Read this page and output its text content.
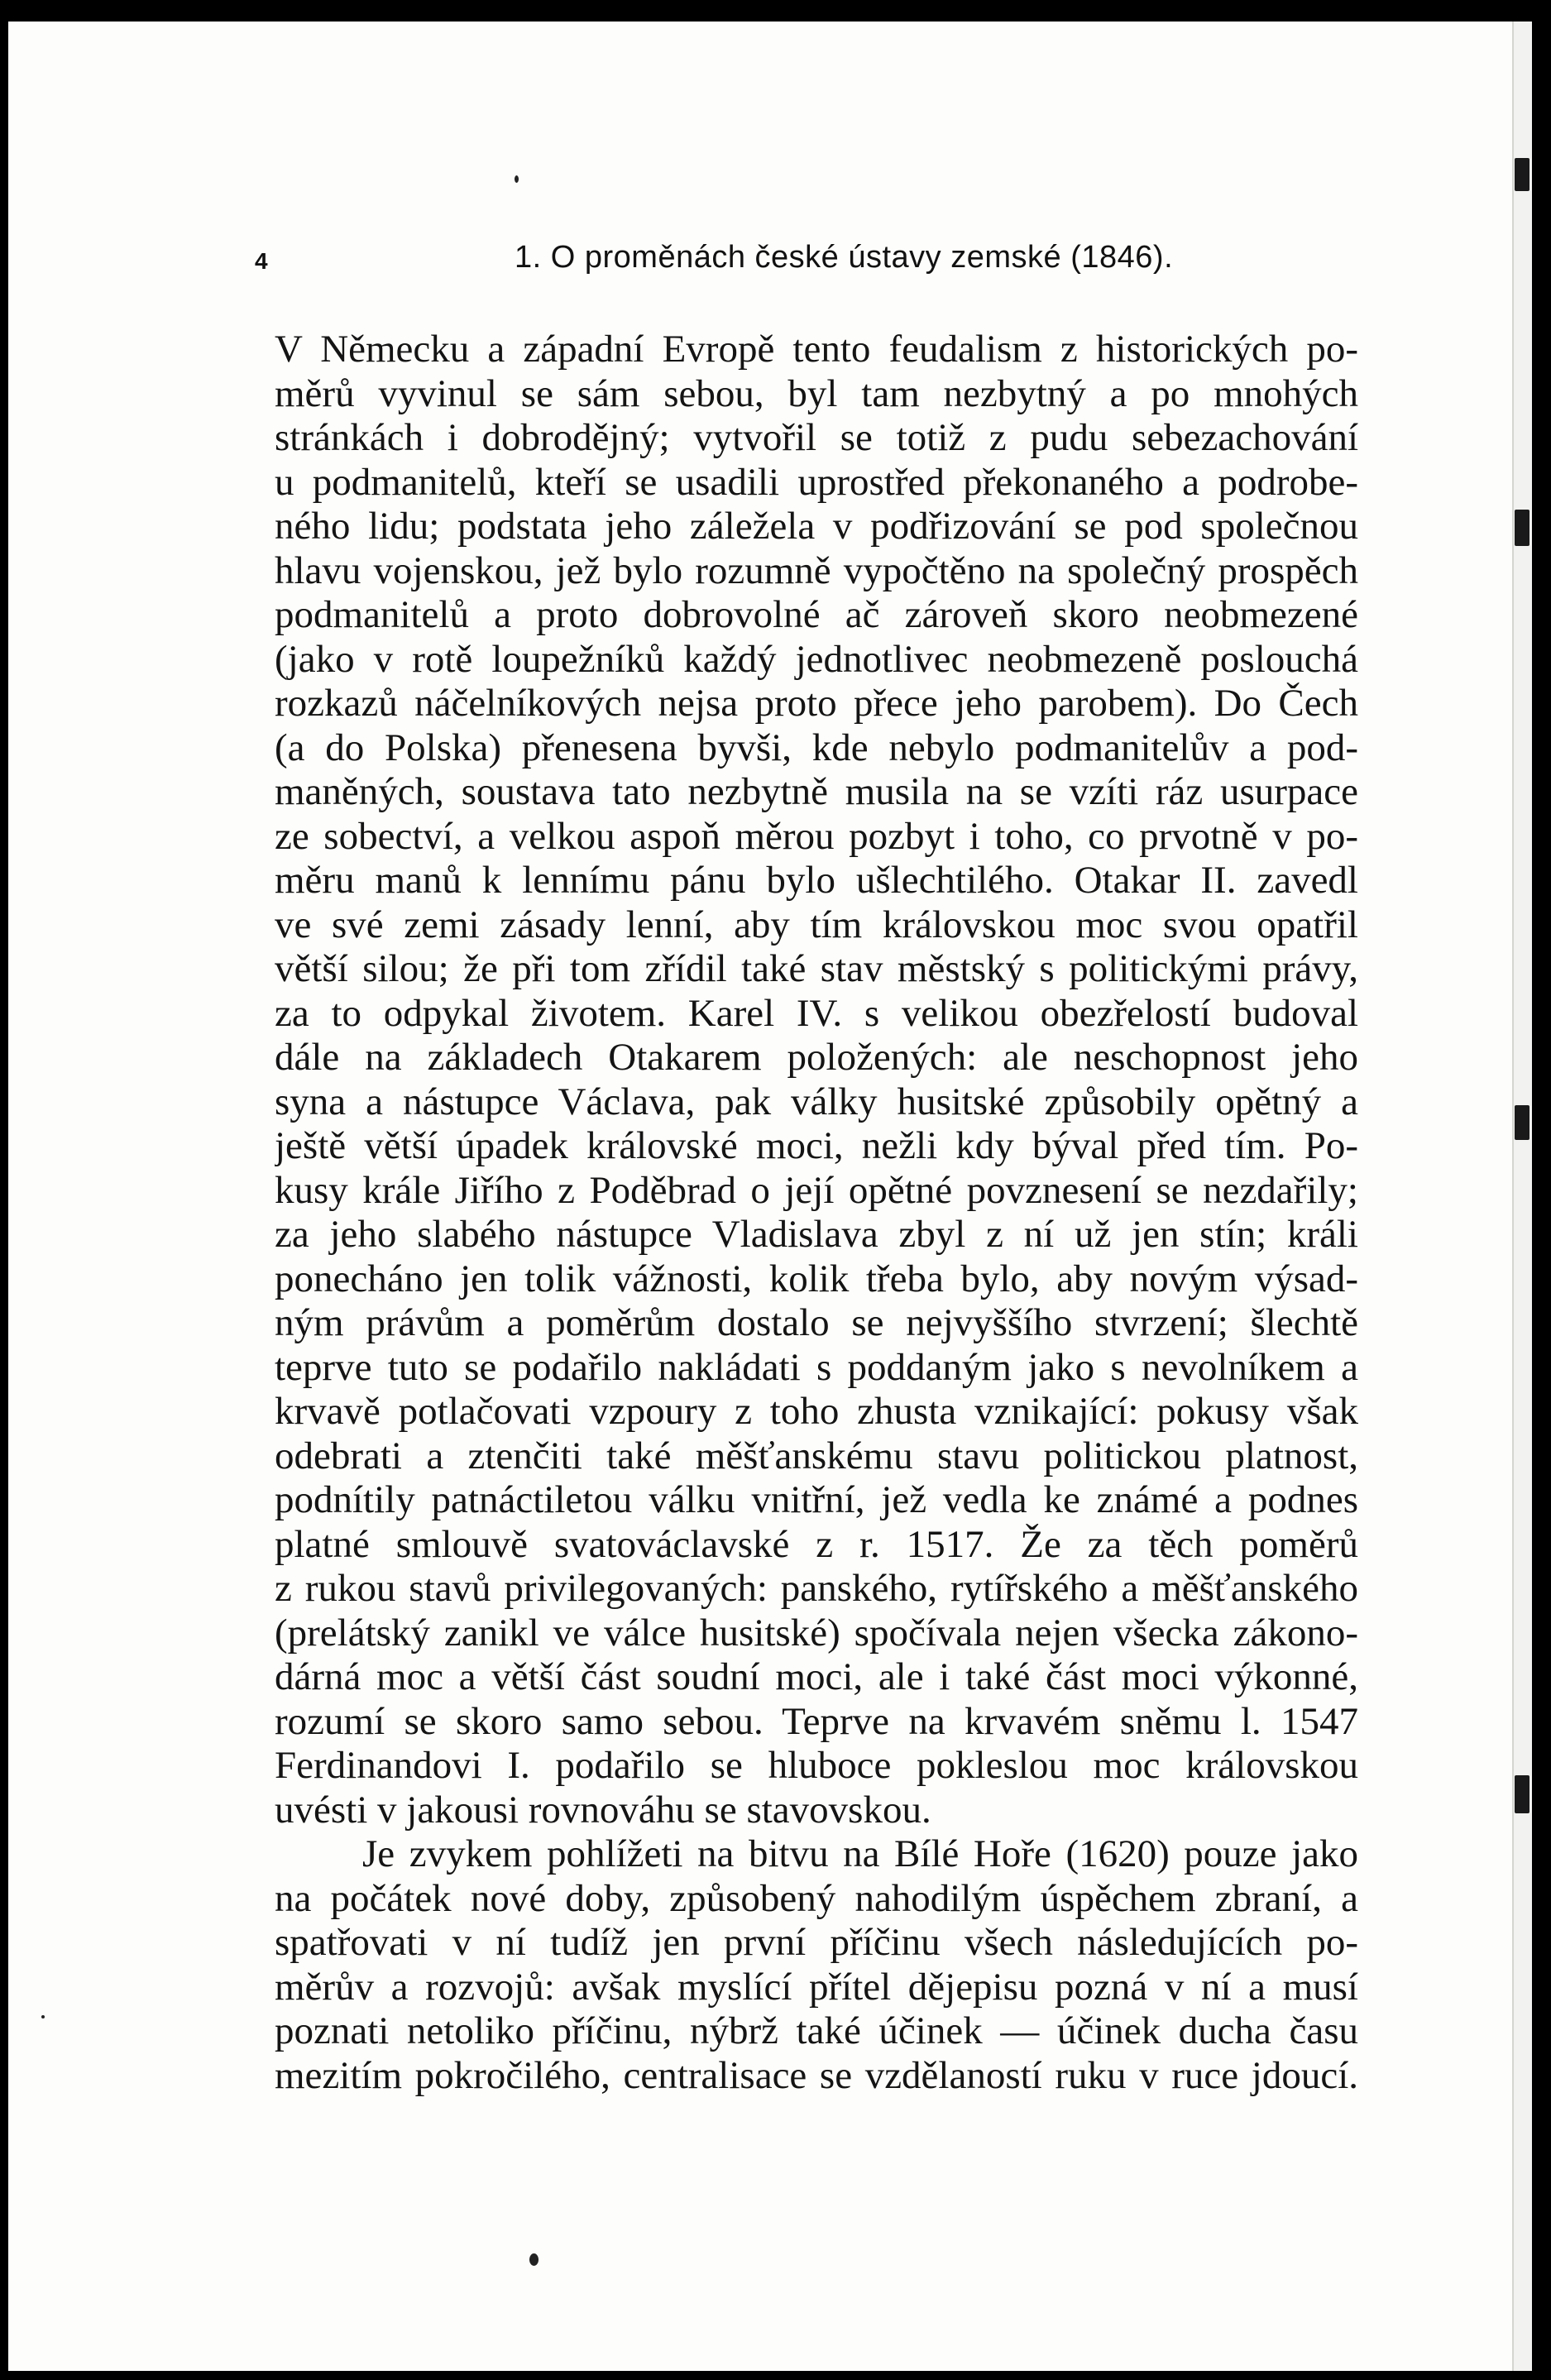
4	1. O proměnách české ústavy zemské (1846).
V Německu a západní Evropě tento feudalism z historických po-
měrů vyvinul se sám sebou, byl tam nezbytný a po mnohých
stránkách i dobrodějný; vytvořil se totiž z pudu sebezachování
u podmanitelů, kteří se usadili uprostřed překonaného a podrobe-
ného lidu; podstata jeho záležela v podřizování se pod společnou
hlavu vojenskou, jež bylo rozumně vypočtěno na společný prospěch
podmanitelů a proto dobrovolné ač zároveň skoro neobmezené
(jako v rotě loupežníků každý jednotlivec neobmezeně poslouchá
rozkazů náčelníkových nejsa proto přece jeho parobem). Do Čech
(a do Polska) přenesena byvši, kde nebylo podmanitelův a pod-
maněných, soustava tato nezbytně musila na se vzíti ráz usurpace
ze sobectví, a velkou aspoň měrou pozbyt i toho, co prvotně v po-
měru manů k lennímu pánu bylo ušlechtilého. Otakar II. zavedl
ve své zemi zásady lenní, aby tím královskou moc svou opatřil
větší silou; že při tom zřídil také stav městský s politickými právy,
za to odpykal životem. Karel IV. s velikou obezřelostí budoval
dále na základech Otakarem položených: ale neschopnost jeho
syna a nástupce Václava, pak války husitské způsobily opětný a
ještě větší úpadek královské moci, nežli kdy býval před tím. Po-
kusy krále Jiřího z Poděbrad o její opětné povznesení se nezdařily;
za jeho slabého nástupce Vladislava zbyl z ní už jen stín; králi
ponecháno jen tolik vážnosti, kolik třeba bylo, aby novým výsad-
ným právům a poměrům dostalo se nejvyššího stvrzení; šlechtě
teprve tuto se podařilo nakládati s poddaným jako s nevolníkem a
krvavě potlačovati vzpoury z toho zhusta vznikající: pokusy však
odebrati a ztenčiti také měšťanskému stavu politickou platnost,
podnítily patnáctiletou válku vnitřní, jež vedla ke známé a podnes
platné smlouvě svatováclavské z r. 1517. Že za těch poměrů
z rukou stavů privilegovaných: panského, rytířského a měšťanského
(prelátský zanikl ve válce husitské) spočívala nejen všecka zákono-
dárná moc a větší část soudní moci, ale i také část moci výkonné,
rozumí se skoro samo sebou. Teprve na krvavém sněmu l. 1547
Ferdinandovi I. podařilo se hluboce pokleslou moc královskou
uvésti v jakousi rovnováhu se stavovskou.
Je zvykem pohlížeti na bitvu na Bílé Hoře (1620) pouze jako
na počátek nové doby, způsobený nahodilým úspěchem zbraní, a
spatřovati v ní tudíž jen první příčinu všech následujících po-
měrův a rozvojů: avšak myslící přítel dějepisu pozná v ní a musí
poznati netoliko příčinu, nýbrž také účinek — účinek ducha času
mezitím pokročilého, centralisace se vzdělaností ruku v ruce jdoucí.
